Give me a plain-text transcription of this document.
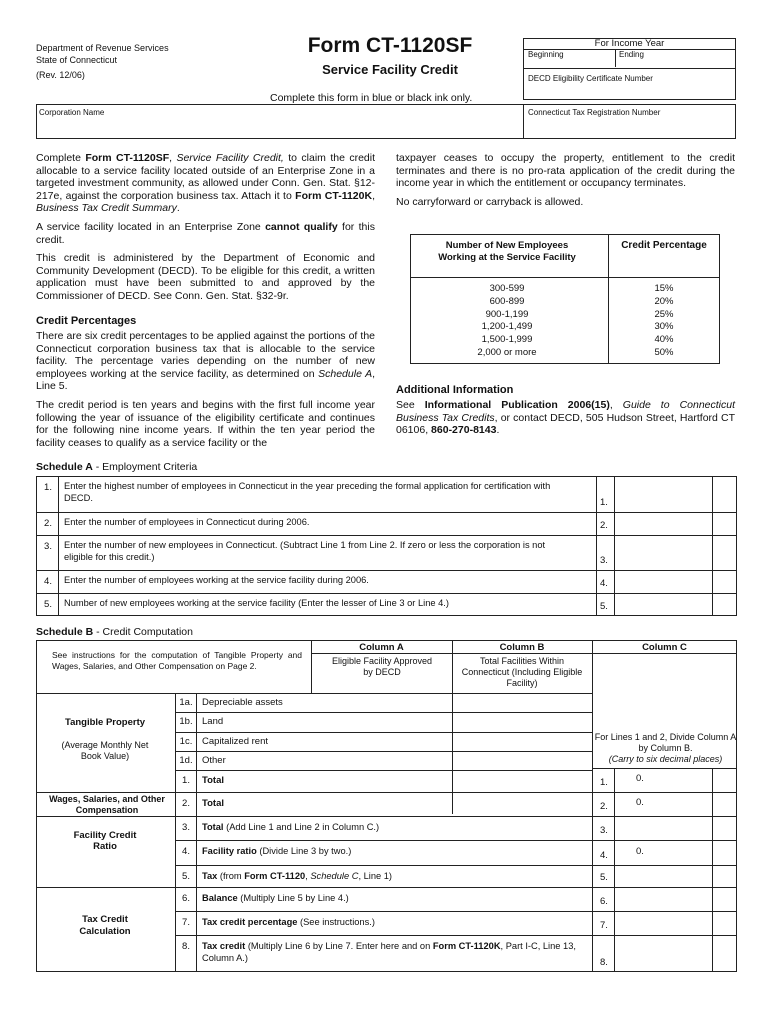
Department of Revenue Services
State of Connecticut
(Rev. 12/06)
Form CT-1120SF
Service Facility Credit
Complete this form in blue or black ink only.
For Income Year
Beginning	Ending
DECD Eligibility Certificate Number
Corporation Name	Connecticut Tax Registration Number
Complete Form CT-1120SF, Service Facility Credit, to claim the credit allocable to a service facility located outside of an Enterprise Zone in a targeted investment community, as allowed under Conn. Gen. Stat. §12-217e, against the corporation business tax. Attach it to Form CT-1120K, Business Tax Credit Summary.
A service facility located in an Enterprise Zone cannot qualify for this credit.
This credit is administered by the Department of Economic and Community Development (DECD). To be eligible for this credit, a written application must have been submitted to and approved by the Commissioner of DECD. See Conn. Gen. Stat. §32-9r.
Credit Percentages
There are six credit percentages to be applied against the portions of the Connecticut corporation business tax that is allocable to the service facility. The percentage varies depending on the number of new employees working at the service facility, as determined on Schedule A, Line 5.
The credit period is ten years and begins with the first full income year following the year of issuance of the eligibility certificate and continues for the following nine income years. If within the ten year period the facility ceases to qualify as a service facility or the
taxpayer ceases to occupy the property, entitlement to the credit terminates and there is no pro-rata application of the credit during the income year in which the entitlement or occupancy terminates.
No carryforward or carryback is allowed.
Number of New Employees Working at the Service Facility
Credit Percentage
300-599	15%
600-899	20%
900-1,199	25%
1,200-1,499	30%
1,500-1,999	40%
2,000 or more	50%
Additional Information
See Informational Publication 2006(15), Guide to Connecticut Business Tax Credits, or contact DECD, 505 Hudson Street, Hartford CT 06106, 860-270-8143.
Schedule A - Employment Criteria
1.	Enter the highest number of employees in Connecticut in the year preceding the formal application for certification with DECD.	1.
2.	Enter the number of employees in Connecticut during 2006.	2.
3.	Enter the number of new employees in Connecticut. (Subtract Line 1 from Line 2. If zero or less the corporation is not eligible for this credit.)	3.
4.	Enter the number of employees working at the service facility during 2006.	4.
5.	Number of new employees working at the service facility (Enter the lesser of Line 3 or Line 4.)	5.
Schedule B - Credit Computation
See instructions for the computation of Tangible Property and Wages, Salaries, and Other Compensation on Page 2.
Column A	Column B	Column C
Eligible Facility Approved by DECD
Total Facilities Within Connecticut (Including Eligible Facility)
Tangible Property
(Average Monthly Net Book Value)
Wages, Salaries, and Other Compensation
Facility Credit Ratio
Tax Credit Calculation
1a. Depreciable assets
1b. Land
1c. Capitalized rent
1d. Other
For Lines 1 and 2, Divide Column A by Column B.
(Carry to six decimal places)
1.	Total	1.	0.
2.	Total	2.	0.
3.	Total (Add Line 1 and Line 2 in Column C.)	3.
4.	Facility ratio (Divide Line 3 by two.)	4.	0.
5.	Tax (from Form CT-1120, Schedule C, Line 1)	5.
6.	Balance (Multiply Line 5 by Line 4.)	6.
7.	Tax credit percentage (See instructions.)	7.
8.	Tax credit (Multiply Line 6 by Line 7. Enter here and on Form CT-1120K, Part I-C, Line 13, Column A.)	8.
